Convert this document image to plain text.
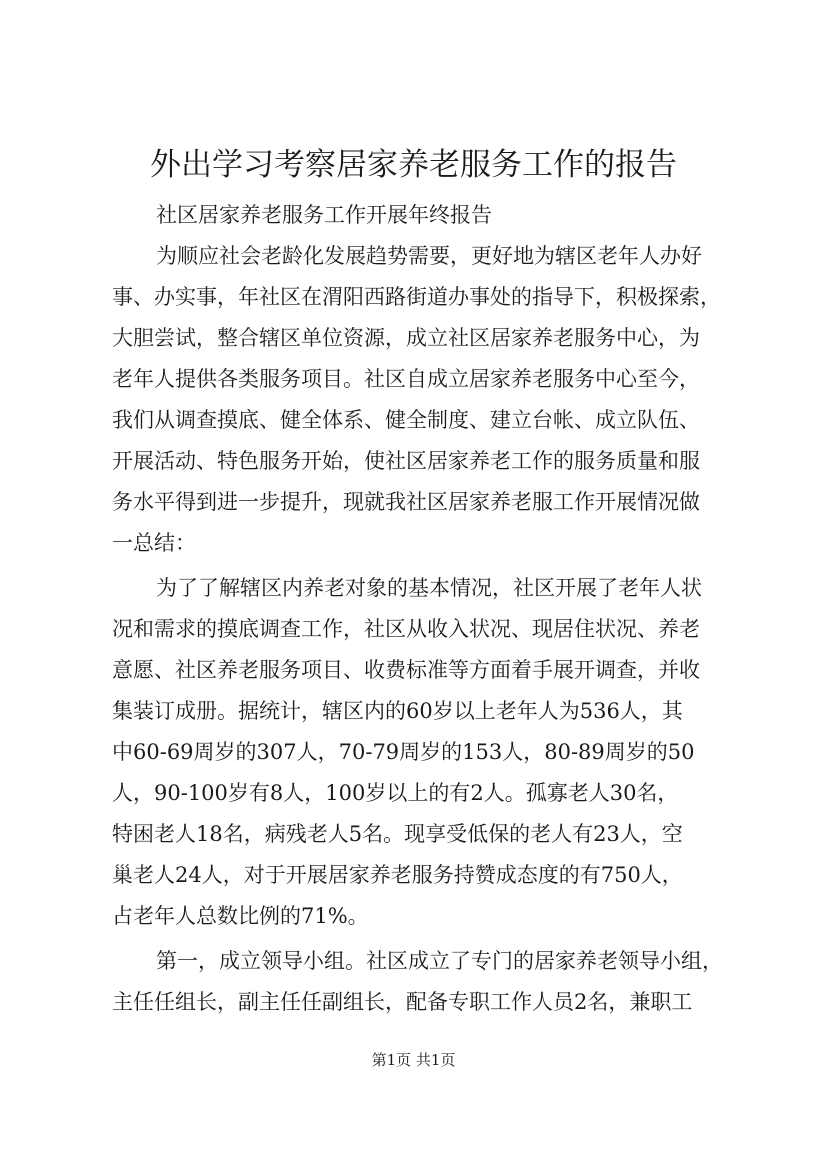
外出学习考察居家养老服务工作的报告

社区居家养老服务工作开展年终报告

为顺应社会老龄化发展趋势需要，更好地为辖区老年人办好

事、办实事，年社区在渭阳西路街道办事处的指导下，积极探索，

大胆尝试，整合辖区单位资源，成立社区居家养老服务中心，为

老年人提供各类服务项目。社区自成立居家养老服务中心至今，

我们从调查摸底、健全体系、健全制度、建立台帐、成立队伍、

开展活动、特色服务开始，使社区居家养老工作的服务质量和服

务水平得到进一步提升，现就我社区居家养老服工作开展情况做

一总结：

为了了解辖区内养老对象的基本情况，社区开展了老年人状

况和需求的摸底调查工作，社区从收入状况、现居住状况、养老

意愿、社区养老服务项目、收费标准等方面着手展开调查，并收

集装订成册。据统计，辖区内的60岁以上老年人为536人，其

中60-69周岁的307人，70-79周岁的153人，80-89周岁的50

人，90-100岁有8人，100岁以上的有2人。孤寡老人30名，

特困老人18名，病残老人5名。现享受低保的老人有23人，空

巢老人24人，对于开展居家养老服务持赞成态度的有750人，

占老年人总数比例的71%。

第一，成立领导小组。社区成立了专门的居家养老领导小组，

主任任组长，副主任任副组长，配备专职工作人员2名，兼职工

第1页 共1页
